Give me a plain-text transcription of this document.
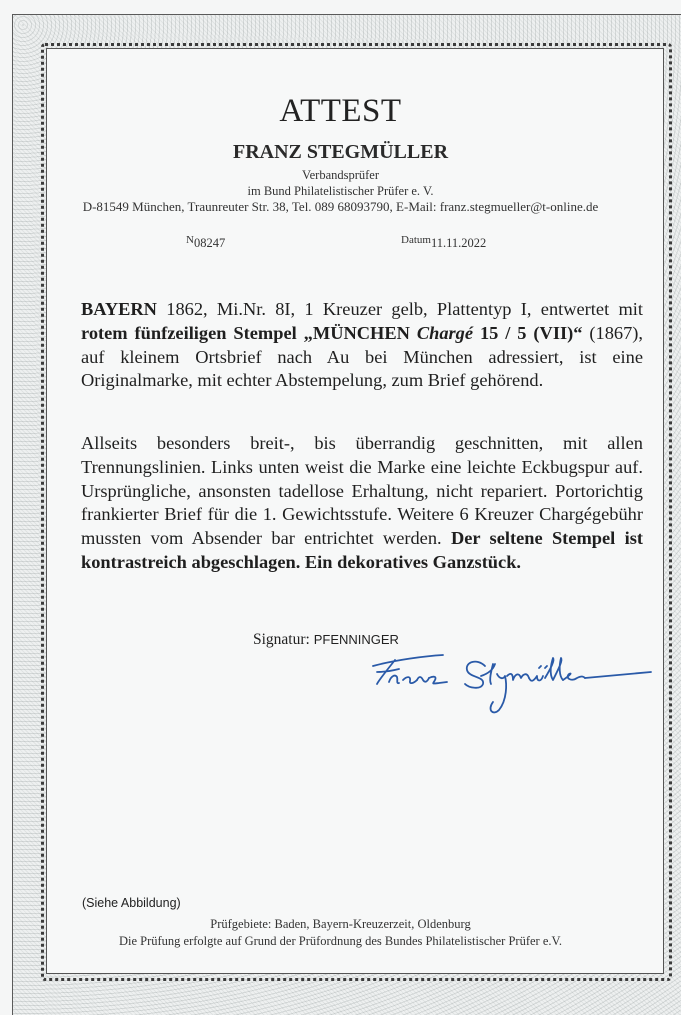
ATTEST
FRANZ STEGMÜLLER
Verbandsprüfer
im Bund Philatelistischer Prüfer e. V.
D-81549 München, Traunreuter Str. 38, Tel. 089 68093790, E-Mail: franz.stegmueller@t-online.de
N08247	Datum11.11.2022
BAYERN 1862, Mi.Nr. 8I, 1 Kreuzer gelb, Plattentyp I, entwertet mit rotem fünfzeiligen Stempel „MÜNCHEN Chargé 15 / 5 (VII)“ (1867), auf kleinem Ortsbrief nach Au bei München adressiert, ist eine Originalmarke, mit echter Abstempelung, zum Brief gehörend.
Allseits besonders breit-, bis überrandig geschnitten, mit allen Trennungslinien. Links unten weist die Marke eine leichte Eckbugspur auf. Ursprüngliche, ansonsten tadellose Erhaltung, nicht repariert. Portorichtig frankierter Brief für die 1. Gewichtsstufe. Weitere 6 Kreuzer Chargégebühr mussten vom Absender bar entrichtet werden. Der seltene Stempel ist kontrastreich abgeschlagen. Ein dekoratives Ganzstück.
Signatur: PFENNINGER
(Siehe Abbildung)
Prüfgebiete: Baden, Bayern-Kreuzerzeit, Oldenburg
Die Prüfung erfolgte auf Grund der Prüfordnung des Bundes Philatelistischer Prüfer e.V.
